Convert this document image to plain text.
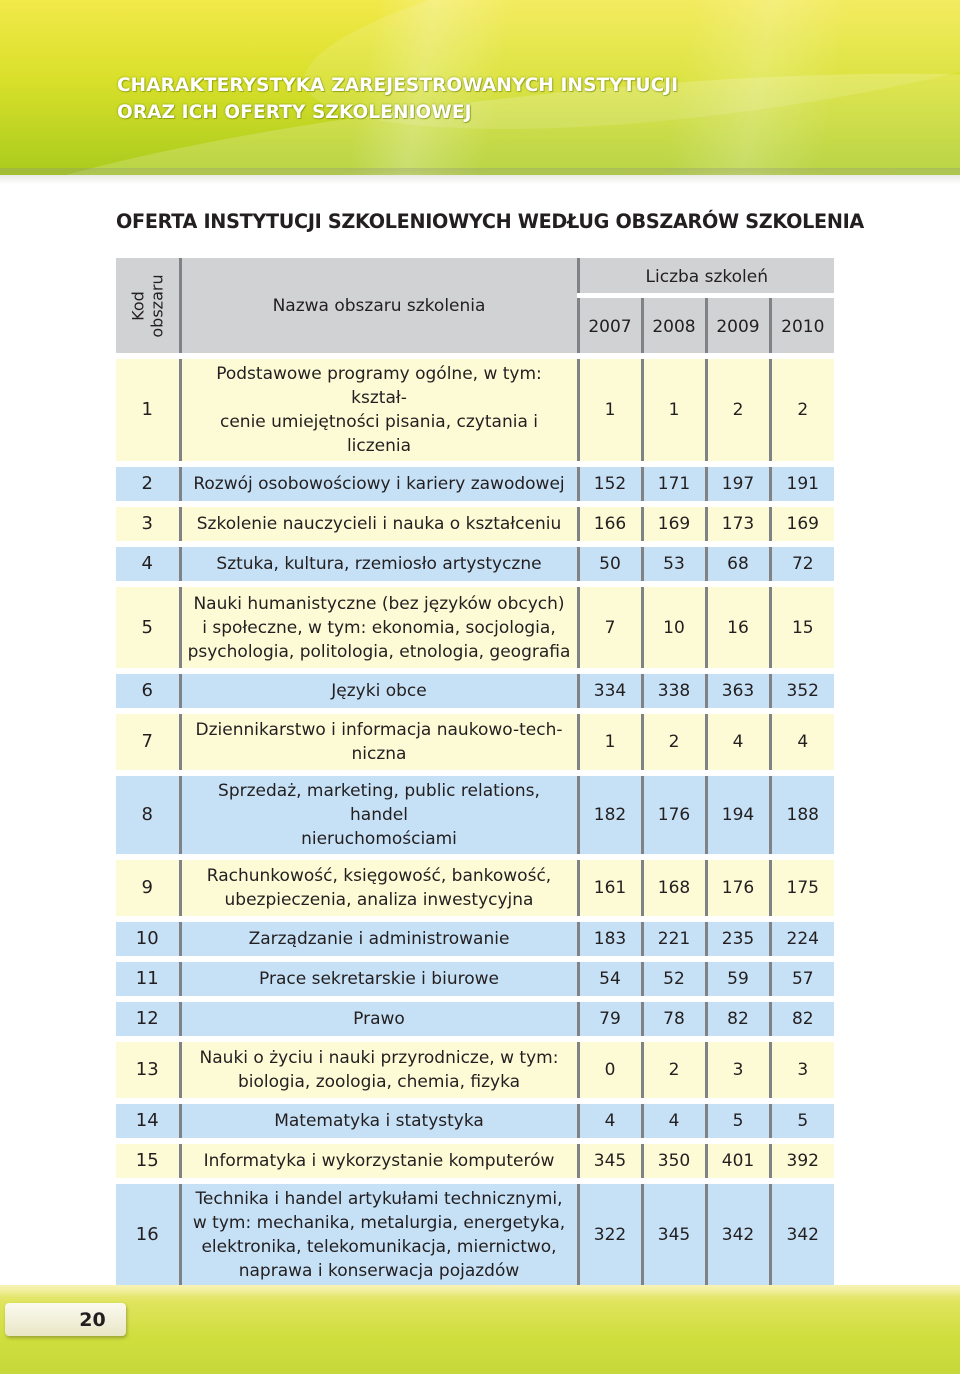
CHARAKTERYSTYKA ZAREJESTROWANYCH INSTYTUCJI
ORAZ ICH OFERTY SZKOLENIOWEJ
OFERTA INSTYTUCJI SZKOLENIOWYCH WEDŁUG OBSZARÓW SZKOLENIA
Kod obszaru	Nazwa obszaru szkolenia	Liczba szkoleń			
		2007	2008	2009	2010

1	Podstawowe programy ogólne, w tym: kształ-
cenie umiejętności pisania, czytania i liczenia	1	1	2	2
2	Rozwój osobowościowy i kariery zawodowej	152	171	197	191
3	Szkolenie nauczycieli i nauka o kształceniu	166	169	173	169
4	Sztuka, kultura, rzemiosło artystyczne	50	53	68	72
5	Nauki humanistyczne (bez języków obcych)
i społeczne, w tym: ekonomia, socjologia,
psychologia, politologia, etnologia, geografia	7	10	16	15
6	Języki obce	334	338	363	352
7	Dziennikarstwo i informacja naukowo-tech-
niczna	1	2	4	4
8	Sprzedaż, marketing, public relations, handel
nieruchomościami	182	176	194	188
9	Rachunkowość, księgowość, bankowość,
ubezpieczenia, analiza inwestycyjna	161	168	176	175
10	Zarządzanie i administrowanie	183	221	235	224
11	Prace sekretarskie i biurowe	54	52	59	57
12	Prawo	79	78	82	82
13	Nauki o życiu i nauki przyrodnicze, w tym:
biologia, zoologia, chemia, fizyka	0	2	3	3
14	Matematyka i statystyka	4	4	5	5
15	Informatyka i wykorzystanie komputerów	345	350	401	392
16	Technika i handel artykułami technicznymi,
w tym: mechanika, metalurgia, energetyka,
elektronika, telekomunikacja, miernictwo,
naprawa i konserwacja pojazdów	322	345	342	342
20
